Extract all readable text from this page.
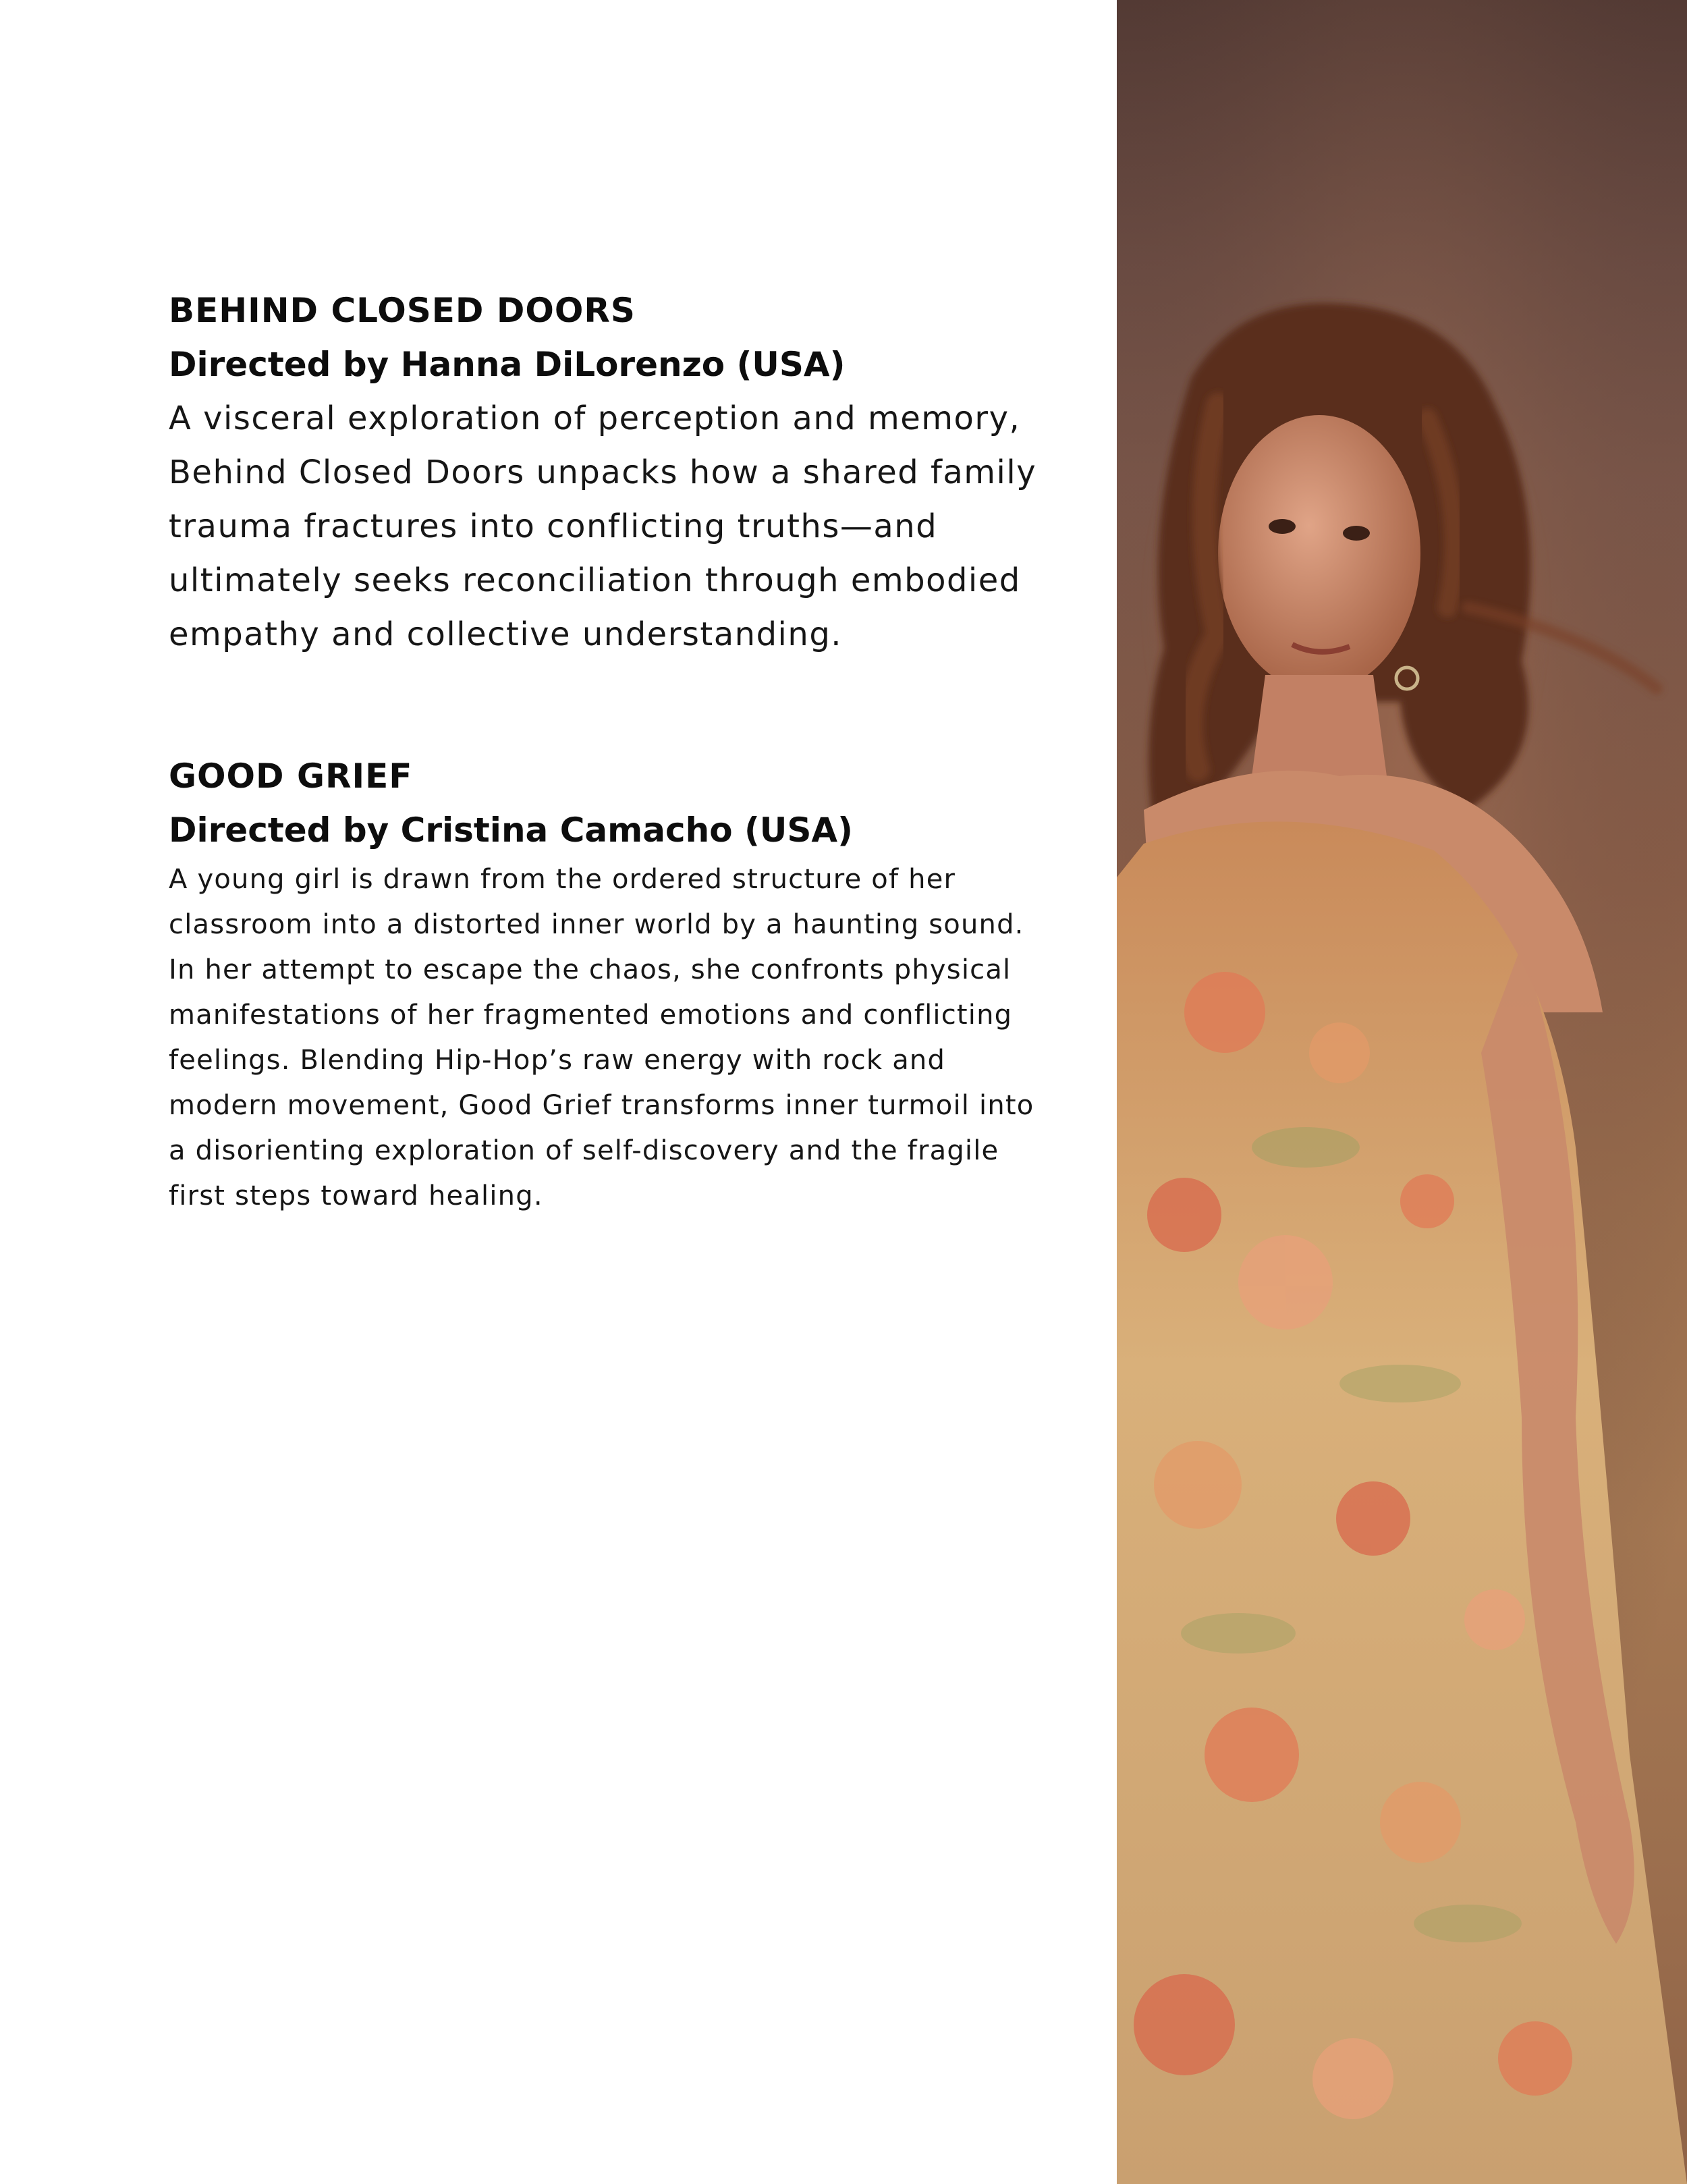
BEHIND CLOSED DOORS
Directed by Hanna DiLorenzo (USA)

A visceral exploration of perception and memory, Behind Closed Doors unpacks how a shared family trauma fractures into conflicting truths—and ultimately seeks reconciliation through embodied empathy and collective understanding.

GOOD GRIEF
Directed by Cristina Camacho (USA)

A young girl is drawn from the ordered structure of her classroom into a distorted inner world by a haunting sound. In her attempt to escape the chaos, she confronts physical manifestations of her fragmented emotions and conflicting feelings. Blending Hip-Hop’s raw energy with rock and modern movement, Good Grief transforms inner turmoil into a disorienting exploration of self-discovery and the fragile first steps toward healing.
